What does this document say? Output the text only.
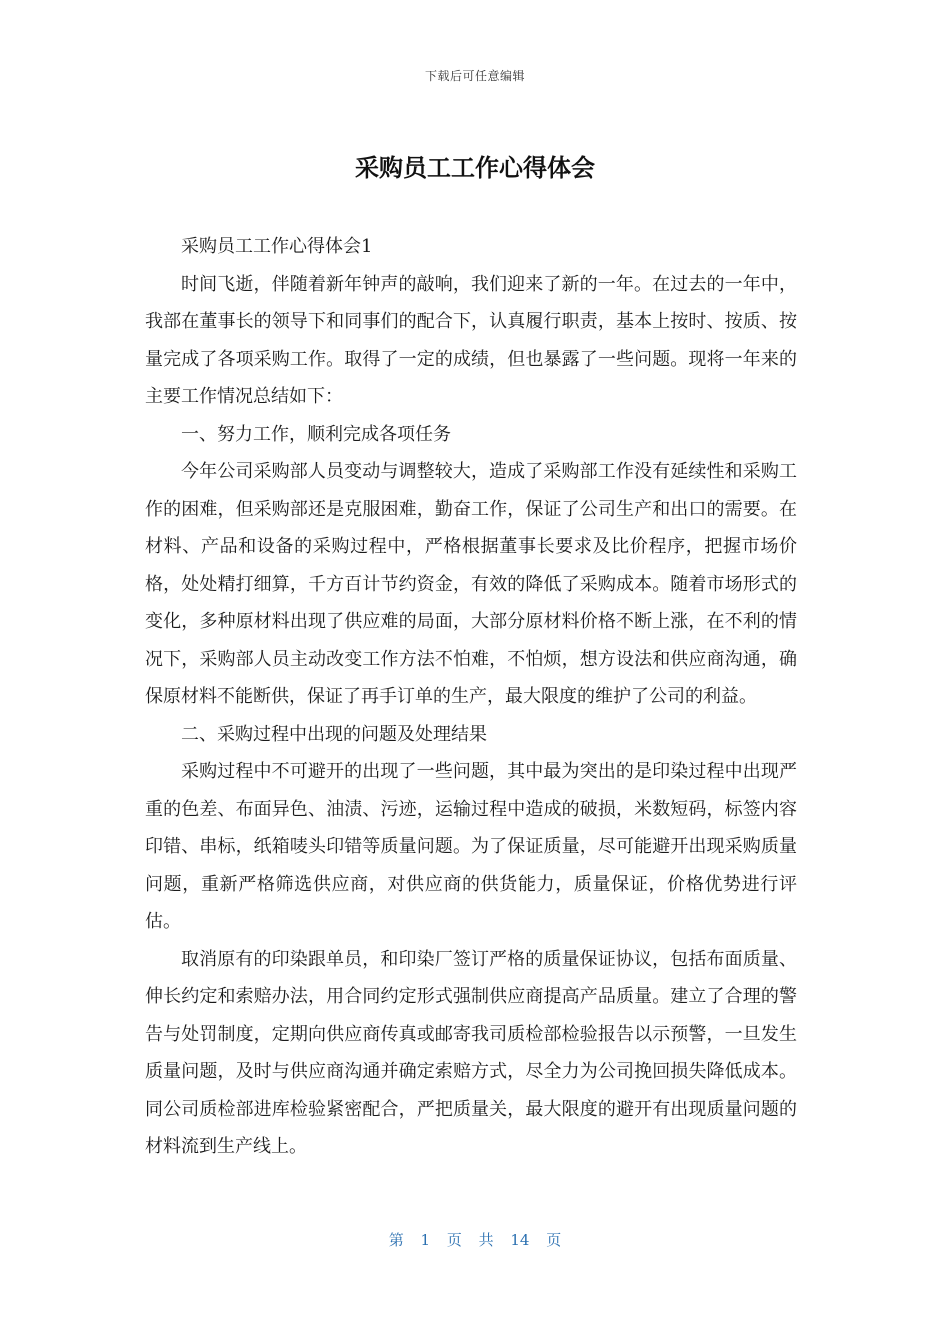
下载后可任意编辑
采购员工工作心得体会

采购员工工作心得体会1

时间飞逝，伴随着新年钟声的敲响，我们迎来了新的一年。在过去的一年中，我部在董事长的领导下和同事们的配合下，认真履行职责，基本上按时、按质、按量完成了各项采购工作。取得了一定的成绩，但也暴露了一些问题。现将一年来的主要工作情况总结如下：

一、努力工作，顺利完成各项任务

今年公司采购部人员变动与调整较大，造成了采购部工作没有延续性和采购工作的困难，但采购部还是克服困难，勤奋工作，保证了公司生产和出口的需要。在材料、产品和设备的采购过程中，严格根据董事长要求及比价程序，把握市场价格，处处精打细算，千方百计节约资金，有效的降低了采购成本。随着市场形式的变化，多种原材料出现了供应难的局面，大部分原材料价格不断上涨，在不利的情况下，采购部人员主动改变工作方法不怕难，不怕烦，想方设法和供应商沟通，确保原材料不能断供，保证了再手订单的生产，最大限度的维护了公司的利益。

二、采购过程中出现的问题及处理结果

采购过程中不可避开的出现了一些问题，其中最为突出的是印染过程中出现严重的色差、布面异色、油渍、污迹，运输过程中造成的破损，米数短码，标签内容印错、串标，纸箱唛头印错等质量问题。为了保证质量，尽可能避开出现采购质量问题，重新严格筛选供应商，对供应商的供货能力，质量保证，价格优势进行评估。

取消原有的印染跟单员，和印染厂签订严格的质量保证协议，包括布面质量、伸长约定和索赔办法，用合同约定形式强制供应商提高产品质量。建立了合理的警告与处罚制度，定期向供应商传真或邮寄我司质检部检验报告以示预警，一旦发生质量问题，及时与供应商沟通并确定索赔方式，尽全力为公司挽回损失降低成本。同公司质检部进库检验紧密配合，严把质量关，最大限度的避开有出现质量问题的材料流到生产线上。

第 1 页 共 14 页
